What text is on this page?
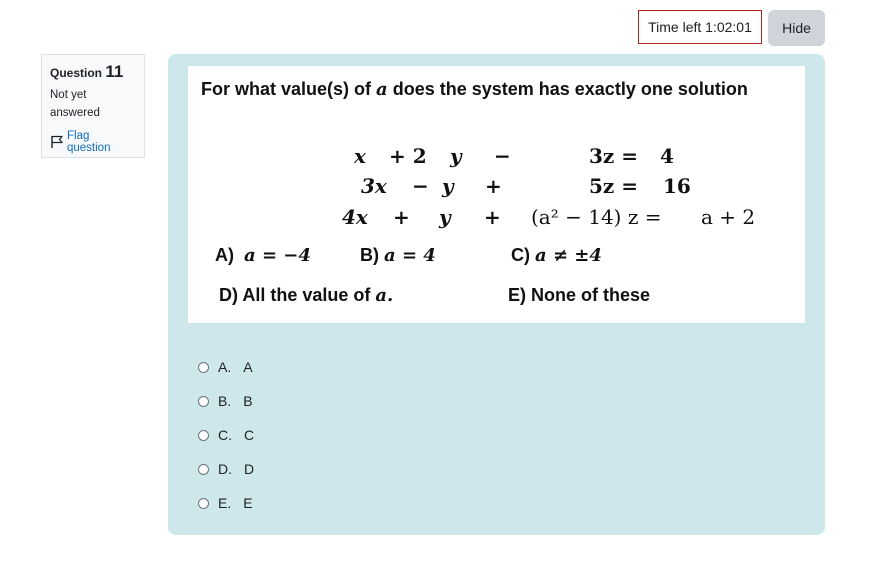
Time left 1:02:01 Hide
Question 11
Not yet
answered
Flag question
For what value(s) of a does the system has exactly one solution
x + 2 y −	3z = 4
3x − y +	5z = 16
4x + y + (a² − 14) z = a + 2
A) a = −4	B) a = 4	C) a ≠ ±4
D) All the value of a.	E) None of these
A. A
B. B
C. C
D. D
E. E
